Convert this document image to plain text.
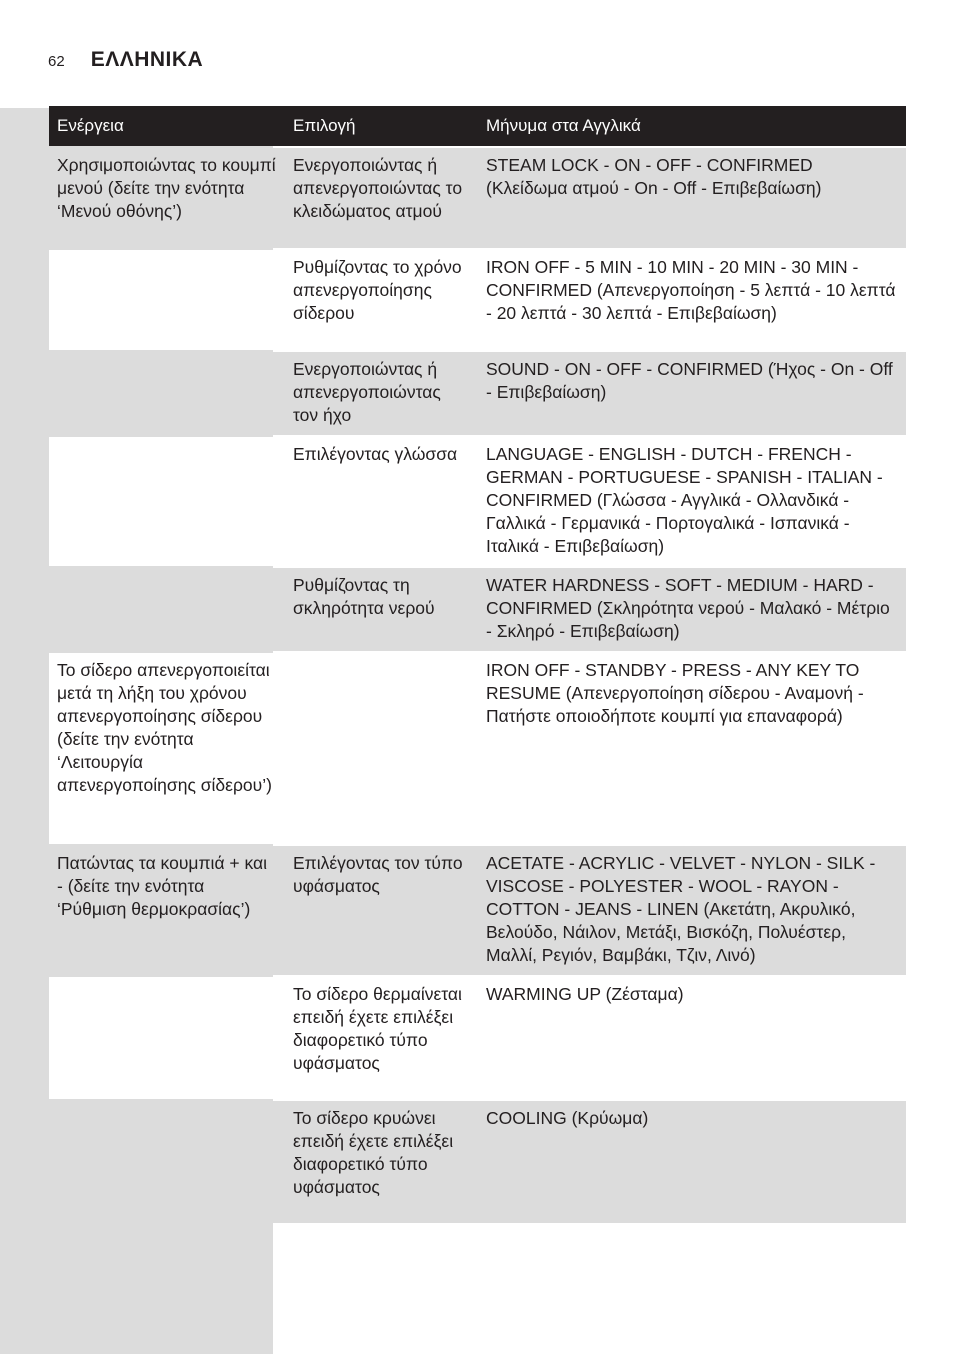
62 ΕΛΛΗΝΙΚΑ
Ενέργεια	Επιλογή	Μήνυμα στα Αγγλικά
Χρησιμοποιώντας το κουμπί μενού (δείτε την ενότητα ‘Μενού οθόνης’)	Ενεργοποιώντας ή απενεργοποιώντας το κλειδώματος ατμού	STEAM LOCK - ON - OFF - CONFIRMED (Κλείδωμα ατμού - On - Off - Επιβεβαίωση)
	Ρυθμίζοντας το χρόνο απενεργοποίησης σίδερου	IRON OFF - 5 MIN - 10 MIN - 20 MIN - 30 MIN - CONFIRMED (Απενεργοποίηση - 5 λεπτά - 10 λεπτά - 20 λεπτά - 30 λεπτά - Επιβεβαίωση)
	Ενεργοποιώντας ή απενεργοποιώντας τον ήχο	SOUND - ON - OFF - CONFIRMED (Ήχος - On - Off - Επιβεβαίωση)
	Επιλέγοντας γλώσσα	LANGUAGE - ENGLISH - DUTCH - FRENCH - GERMAN - PORTUGUESE - SPANISH - ITALIAN - CONFIRMED (Γλώσσα - Αγγλικά - Ολλανδικά - Γαλλικά - Γερμανικά - Πορτογαλικά - Ισπανικά - Ιταλικά - Επιβεβαίωση)
	Ρυθμίζοντας τη σκληρότητα νερού	WATER HARDNESS - SOFT - MEDIUM - HARD - CONFIRMED (Σκληρότητα νερού - Μαλακό - Μέτριο - Σκληρό - Επιβεβαίωση)
Το σίδερο απενεργοποιείται μετά τη λήξη του χρόνου απενεργοποίησης σίδερου (δείτε την ενότητα ‘Λειτουργία απενεργοποίησης σίδερου’)		IRON OFF - STANDBY - PRESS - ANY KEY TO RESUME (Απενεργοποίηση σίδερου - Αναμονή - Πατήστε οποιοδήποτε κουμπί για επαναφορά)
Πατώντας τα κουμπιά + και - (δείτε την ενότητα ‘Ρύθμιση θερμοκρασίας’)	Επιλέγοντας τον τύπο υφάσματος	ACETATE - ACRYLIC - VELVET - NYLON - SILK - VISCOSE - POLYESTER - WOOL - RAYON - COTTON - JEANS - LINEN (Ακετάτη, Ακρυλικό, Βελούδο, Νάιλον, Μετάξι, Βισκόζη, Πολυέστερ, Μαλλί, Ρεγιόν, Βαμβάκι, Τζιν, Λινό)
	Το σίδερο θερμαίνεται επειδή έχετε επιλέξει διαφορετικό τύπο υφάσματος	WARMING UP (Ζέσταμα)
	Το σίδερο κρυώνει επειδή έχετε επιλέξει διαφορετικό τύπο υφάσματος	COOLING (Κρύωμα)
